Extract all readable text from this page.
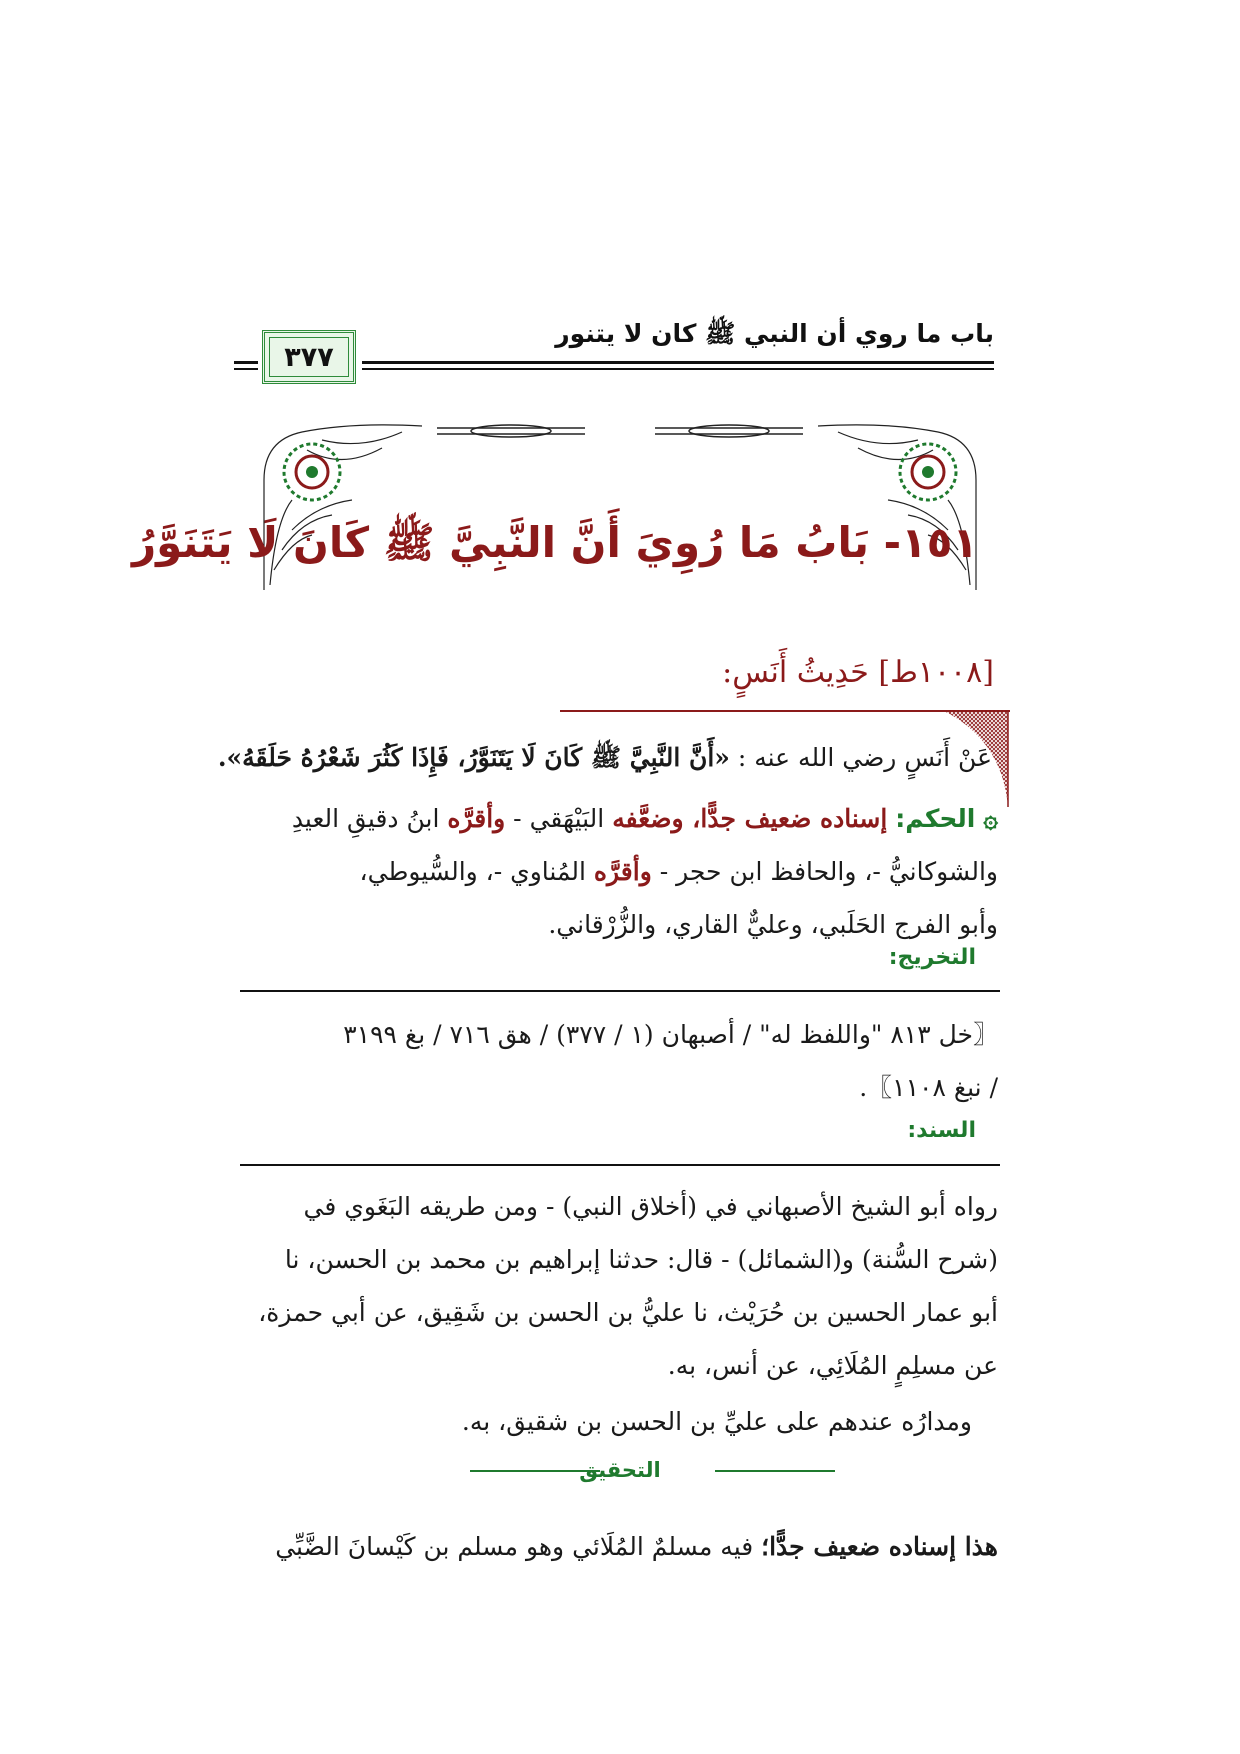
باب ما روي أن النبي ﷺ كان لا يتنور
٣٧٧
١٥١- بَابُ مَا رُوِيَ أَنَّ النَّبِيَّ ﷺ كَانَ لَا يَتَنَوَّرُ
[١٠٠٨ط] حَدِيثُ أَنَسٍ:
عَنْ أَنَسٍ رضي الله عنه : «أَنَّ النَّبِيَّ ﷺ كَانَ لَا يَتَنَوَّرُ، فَإِذَا كَثُرَ شَعْرُهُ حَلَقَهُ».
۞ الحكم: إسناده ضعيف جدًّا، وضعَّفه البَيْهَقي - وأقرَّه ابنُ دقيقِ العيدِ
والشوكانيُّ -، والحافظ ابن حجر - وأقرَّه المُناوي -، والسُّيوطي،
وأبو الفرج الحَلَبي، وعليٌّ القاري، والزُّرْقاني.
التخريج:
〖خل ٨١٣ "واللفظ له" / أصبهان (١ / ٣٧٧) / هق ٧١٦ / بغ ٣١٩٩
/ نبغ ١١٠٨〗.
السند:
رواه أبو الشيخ الأصبهاني في (أخلاق النبي) - ومن طريقه البَغَوي في
(شرح السُّنة) و(الشمائل) - قال: حدثنا إبراهيم بن محمد بن الحسن، نا
أبو عمار الحسين بن حُرَيْث، نا عليُّ بن الحسن بن شَقِيق، عن أبي حمزة،
عن مسلِمٍ المُلَائِي، عن أنس، به.
ومدارُه عندهم على عليِّ بن الحسن بن شقيق، به.
التحقيق
هذا إسناده ضعيف جدًّا؛ فيه مسلمٌ المُلَائي وهو مسلم بن كَيْسانَ الضَّبِّي
